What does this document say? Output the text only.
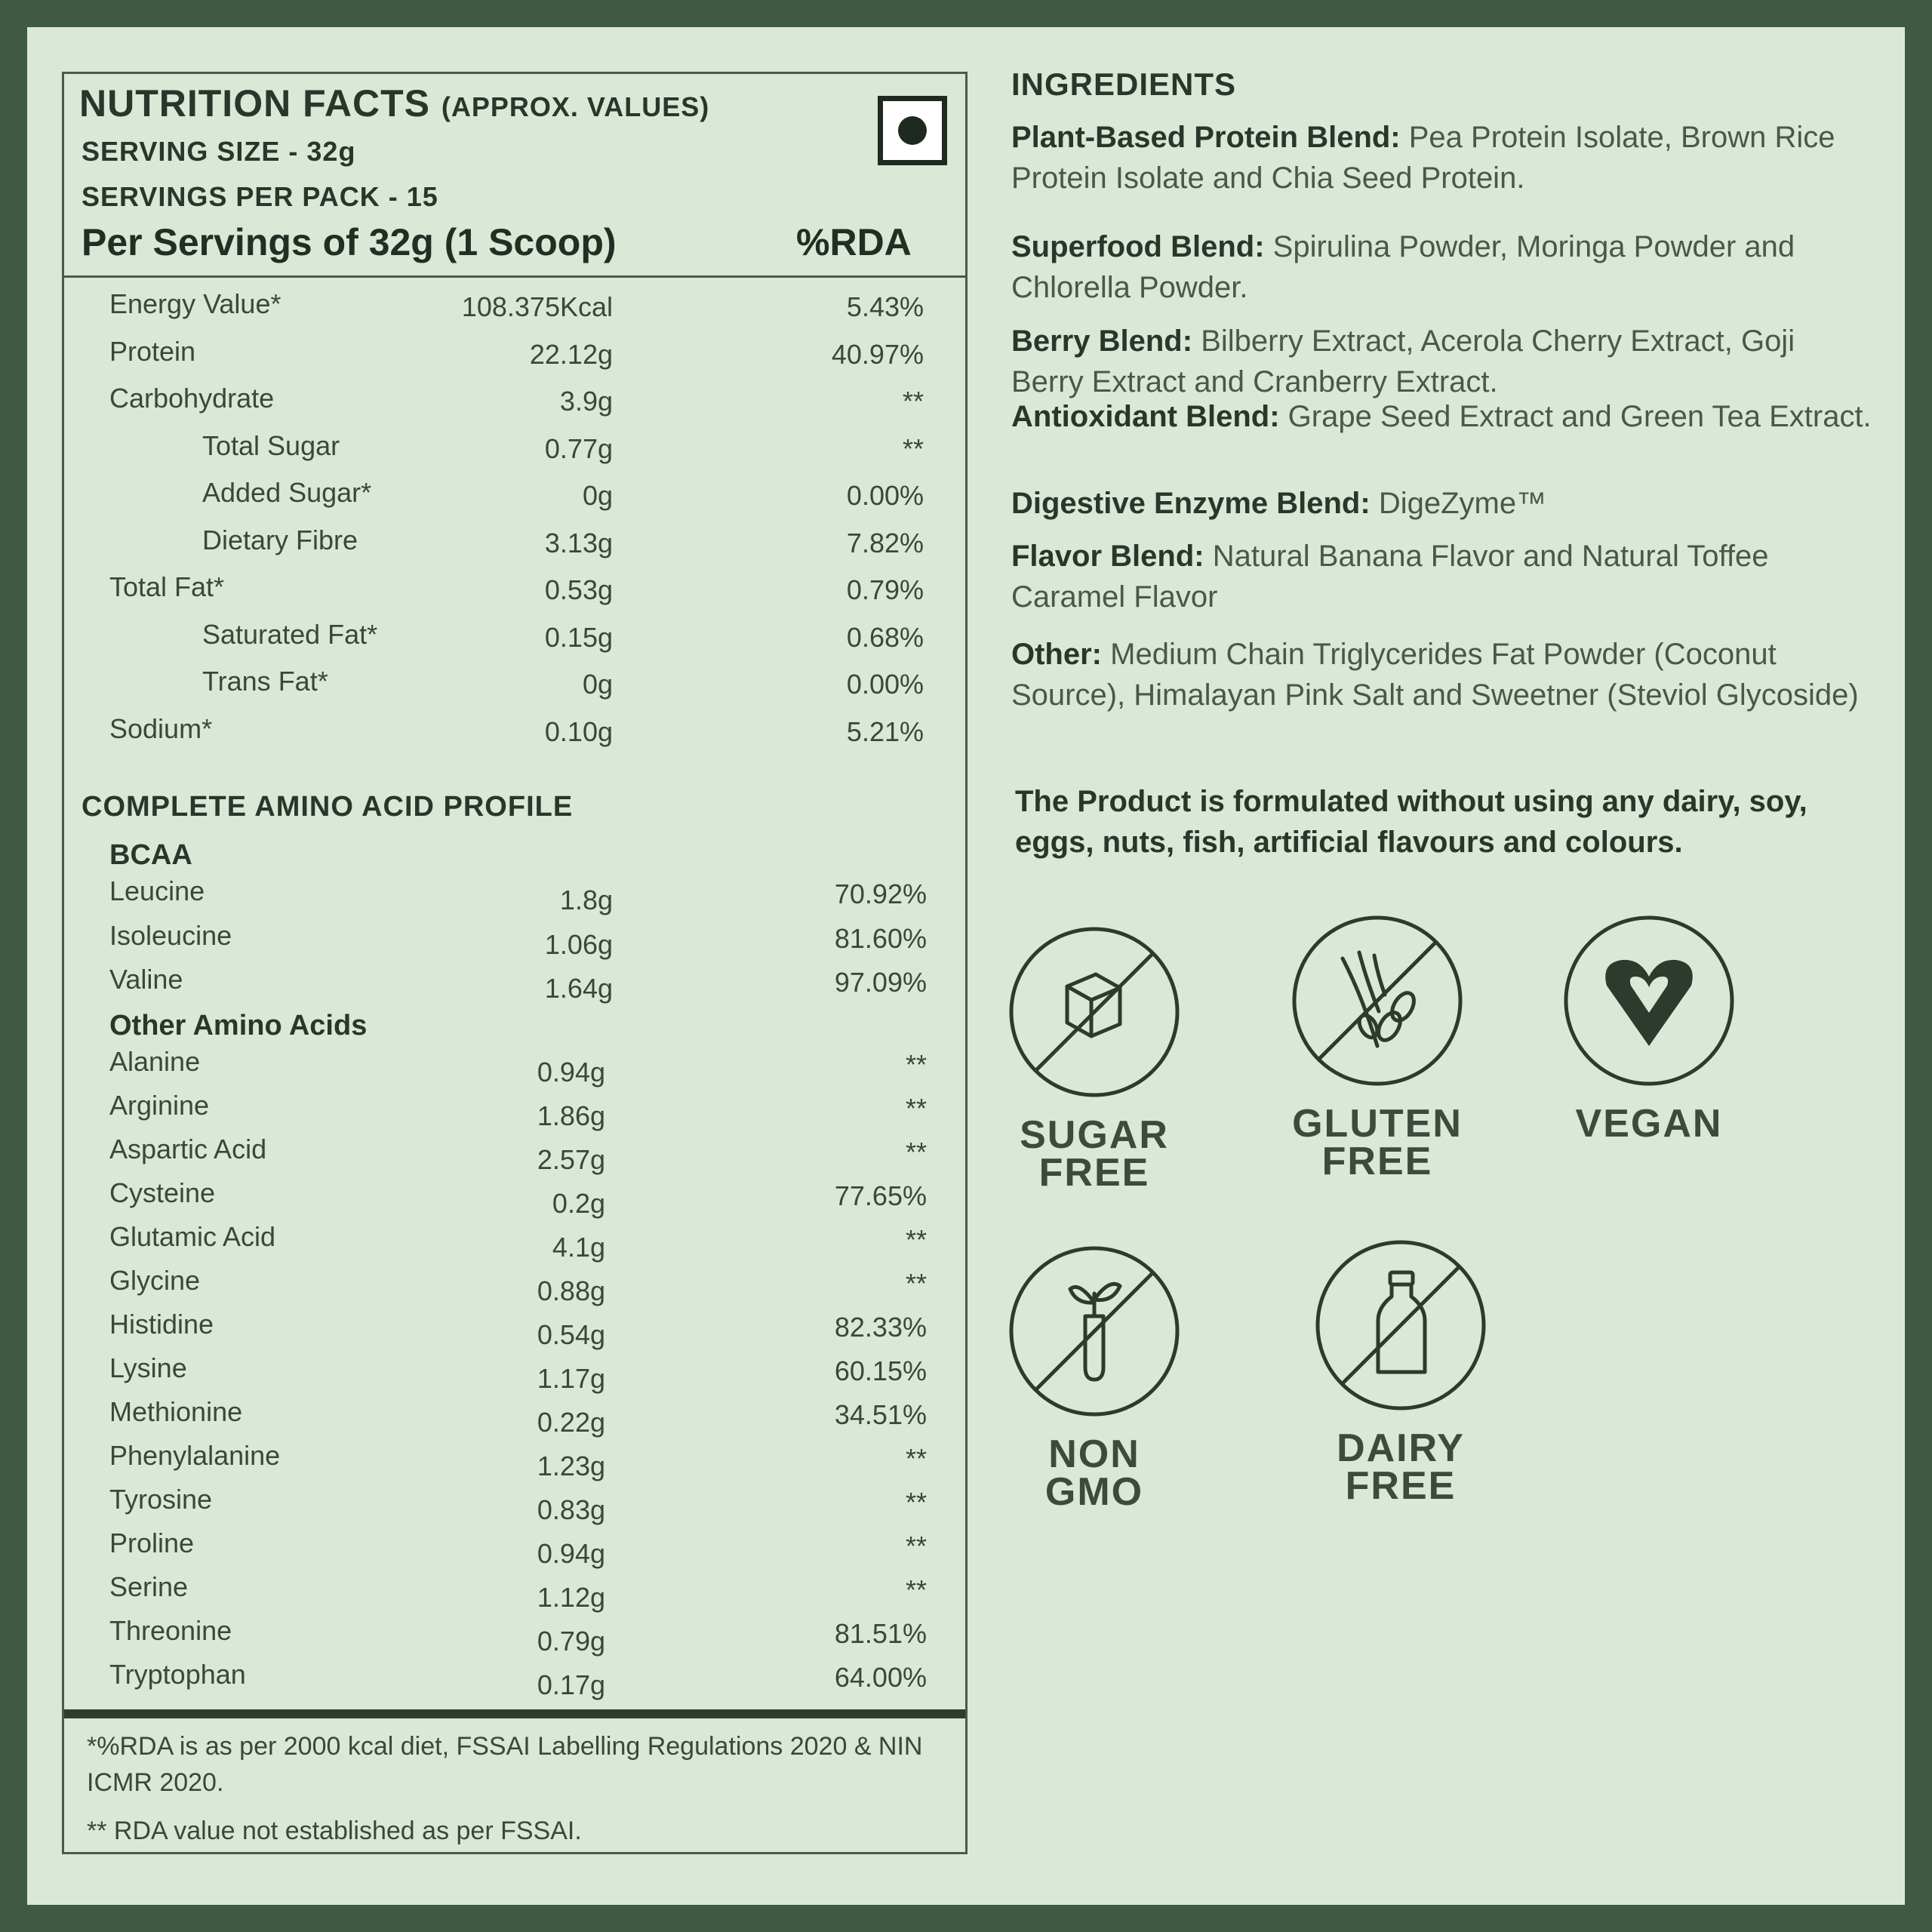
NUTRITION FACTS (APPROX. VALUES)
SERVING SIZE - 32g
SERVINGS PER PACK - 15
Per Servings of 32g (1 Scoop)	%RDA
Energy Value*	108.375Kcal	5.43%
Protein	22.12g	40.97%
Carbohydrate	3.9g	**
Total Sugar	0.77g	**
Added Sugar*	0g	0.00%
Dietary Fibre	3.13g	7.82%
Total Fat*	0.53g	0.79%
Saturated Fat*	0.15g	0.68%
Trans Fat*	0g	0.00%
Sodium*	0.10g	5.21%
COMPLETE AMINO ACID PROFILE
BCAA
Leucine	1.8g	70.92%
Isoleucine	1.06g	81.60%
Valine	1.64g	97.09%
Other Amino Acids
Alanine	0.94g	**
Arginine	1.86g	**
Aspartic Acid	2.57g	**
Cysteine	0.2g	77.65%
Glutamic Acid	4.1g	**
Glycine	0.88g	**
Histidine	0.54g	82.33%
Lysine	1.17g	60.15%
Methionine	0.22g	34.51%
Phenylalanine	1.23g	**
Tyrosine	0.83g	**
Proline	0.94g	**
Serine	1.12g	**
Threonine	0.79g	81.51%
Tryptophan	0.17g	64.00%
*%RDA is as per 2000 kcal diet, FSSAI Labelling Regulations 2020 & NIN ICMR 2020.
** RDA value not established as per FSSAI.
INGREDIENTS
Plant-Based Protein Blend: Pea Protein Isolate, Brown Rice Protein Isolate and Chia Seed Protein.
Superfood Blend: Spirulina Powder, Moringa Powder and Chlorella Powder.
Berry Blend: Bilberry Extract, Acerola Cherry Extract, Goji Berry Extract and Cranberry Extract.
Antioxidant Blend: Grape Seed Extract and Green Tea Extract.
Digestive Enzyme Blend: DigeZyme™
Flavor Blend: Natural Banana Flavor and Natural Toffee Caramel Flavor
Other: Medium Chain Triglycerides Fat Powder (Coconut Source), Himalayan Pink Salt and Sweetner (Steviol Glycoside)
The Product is formulated without using any dairy, soy, eggs, nuts, fish, artificial flavours and colours.
SUGAR
FREE
GLUTEN
FREE
VEGAN
NON
GMO
DAIRY
FREE
